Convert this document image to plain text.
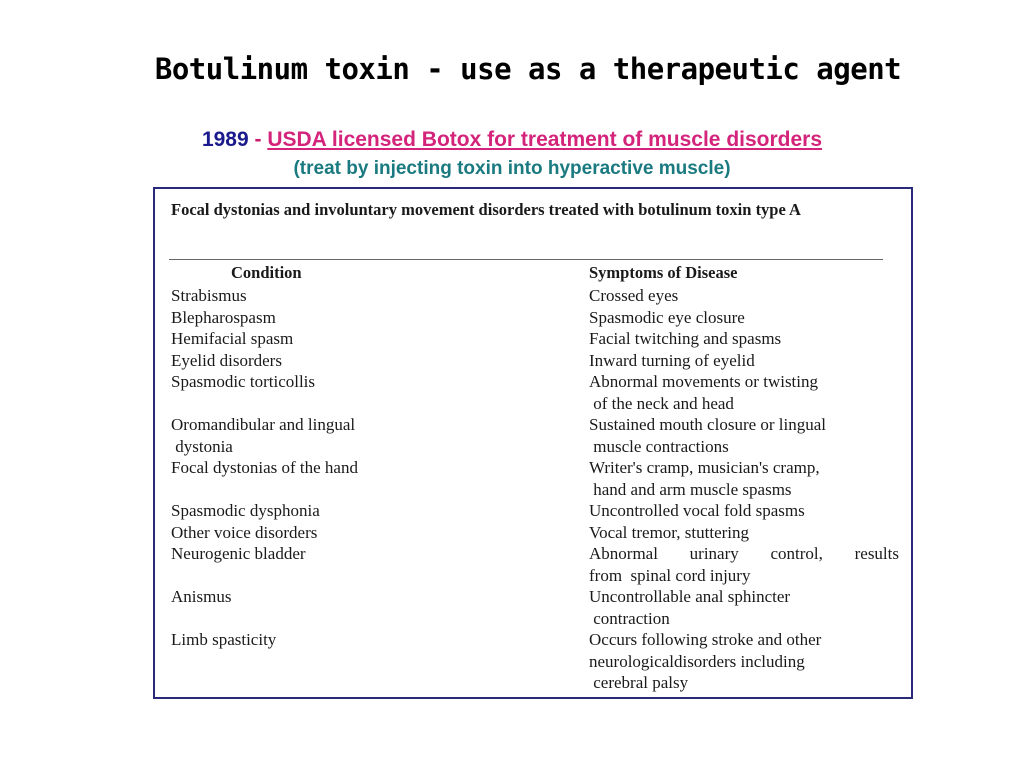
Botulinum toxin - use as a therapeutic agent
1989 - USDA licensed Botox for treatment of muscle disorders
(treat by injecting toxin into hyperactive muscle)
Focal dystonias and involuntary movement disorders treated with botulinum toxin type A
Condition	Symptoms of Disease
Strabismus
Blepharospasm
Hemifacial spasm
Eyelid disorders
Spasmodic torticollis
Oromandibular and lingual
dystonia
Focal dystonias of the hand
Spasmodic dysphonia
Other voice disorders
Neurogenic bladder
Anismus
Limb spasticity
Crossed eyes
Spasmodic eye closure
Facial twitching and spasms
Inward turning of eyelid
Abnormal movements or twisting
of the neck and head
Sustained mouth closure or lingual
muscle contractions
Writer's cramp, musician's cramp,
hand and arm muscle spasms
Uncontrolled vocal fold spasms
Vocal tremor, stuttering
Abnormal urinary control, results
from  spinal cord injury
Uncontrollable anal sphincter
contraction
Occurs following stroke and other
neurologicaldisorders including
cerebral palsy
